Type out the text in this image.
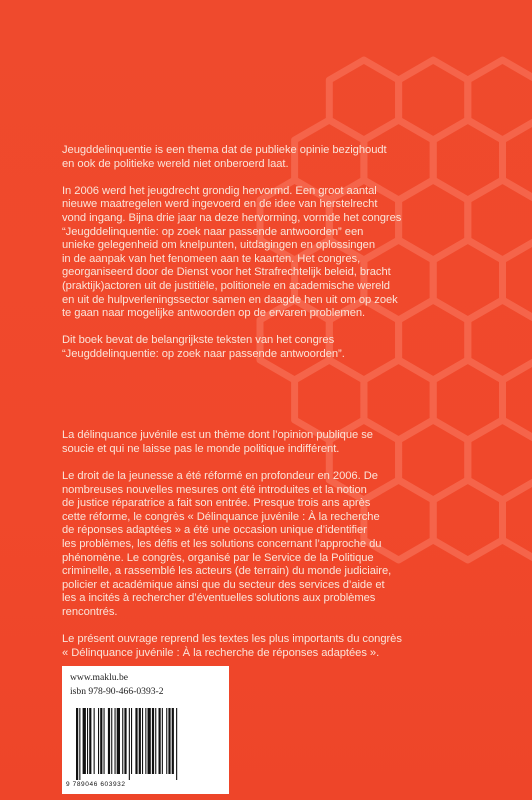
Jeugddelinquentie is een thema dat de publieke opinie bezighoudt
en ook de politieke wereld niet onberoerd laat.

In 2006 werd het jeugdrecht grondig hervormd. Een groot aantal
nieuwe maatregelen werd ingevoerd en de idee van herstelrecht
vond ingang. Bijna drie jaar na deze hervorming, vormde het congres
“Jeugddelinquentie: op zoek naar passende antwoorden” een
unieke gelegenheid om knelpunten, uitdagingen en oplossingen
in de aanpak van het fenomeen aan te kaarten. Het congres,
georganiseerd door de Dienst voor het Strafrechtelijk beleid, bracht
(praktijk)actoren uit de justitiële, politionele en academische wereld
en uit de hulpverleningssector samen en daagde hen uit om op zoek
te gaan naar mogelijke antwoorden op de ervaren problemen.

Dit boek bevat de belangrijkste teksten van het congres
“Jeugddelinquentie: op zoek naar passende antwoorden”.

La délinquance juvénile est un thème dont l’opinion publique se
soucie et qui ne laisse pas le monde politique indifférent.

Le droit de la jeunesse a été réformé en profondeur en 2006. De
nombreuses nouvelles mesures ont été introduites et la notion
de justice réparatrice a fait son entrée. Presque trois ans après
cette réforme, le congrès « Délinquance juvénile : À la recherche
de réponses adaptées » a été une occasion unique d’identifier
les problèmes, les défis et les solutions concernant l’approche du
phénomène. Le congrès, organisé par le Service de la Politique
criminelle, a rassemblé les acteurs (de terrain) du monde judiciaire,
policier et académique ainsi que du secteur des services d’aide et
les a incités à rechercher d’éventuelles solutions aux problèmes
rencontrés.

Le présent ouvrage reprend les textes les plus importants du congrès
« Délinquance juvénile : À la recherche de réponses adaptées ».

www.maklu.be
isbn 978-90-466-0393-2
9 789046 603932
